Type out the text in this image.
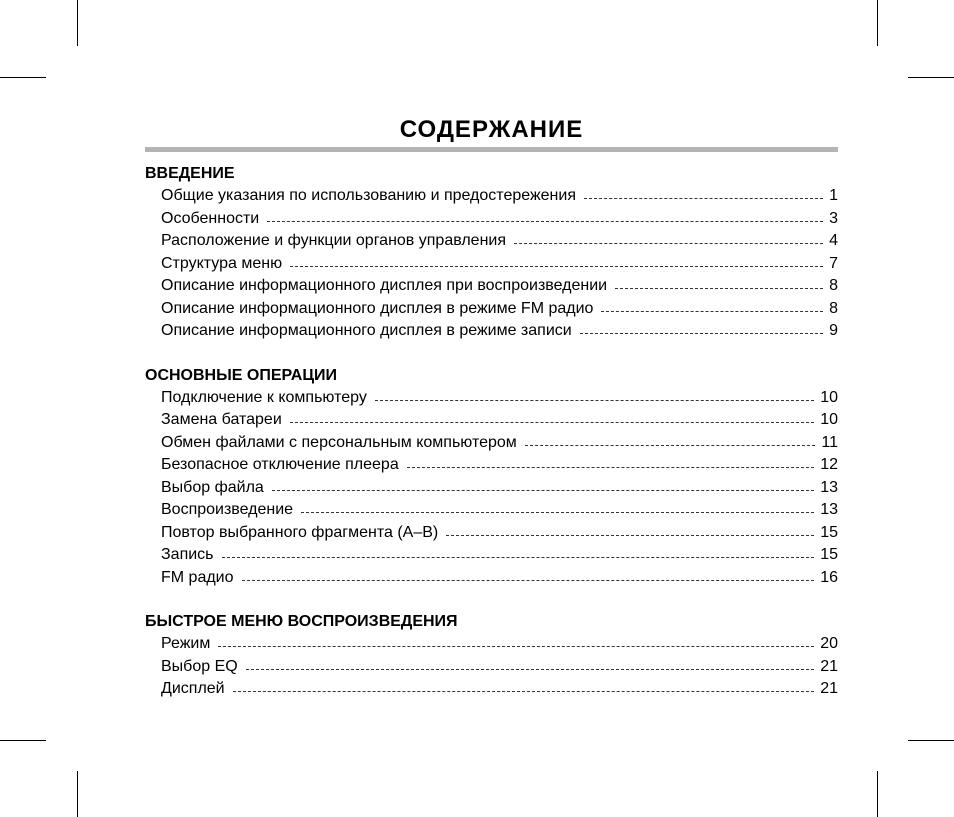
СОДЕРЖАНИЕ
ВВЕДЕНИЕ
Общие указания по использованию и предостережения	1
Особенности	3
Расположение и функции органов управления	4
Структура меню	7
Описание информационного дисплея при воспроизведении	8
Описание информационного дисплея в режиме FM радио	8
Описание информационного дисплея в режиме записи	9
ОСНОВНЫЕ ОПЕРАЦИИ
Подключение к компьютеру	10
Замена батареи	10
Обмен файлами с персональным компьютером	11
Безопасное отключение плеера	12
Выбор файла	13
Воспроизведение	13
Повтор выбранного фрагмента (A–B)	15
Запись	15
FM радио	16
БЫСТРОЕ МЕНЮ ВОСПРОИЗВЕДЕНИЯ
Режим	20
Выбор EQ	21
Дисплей	21
